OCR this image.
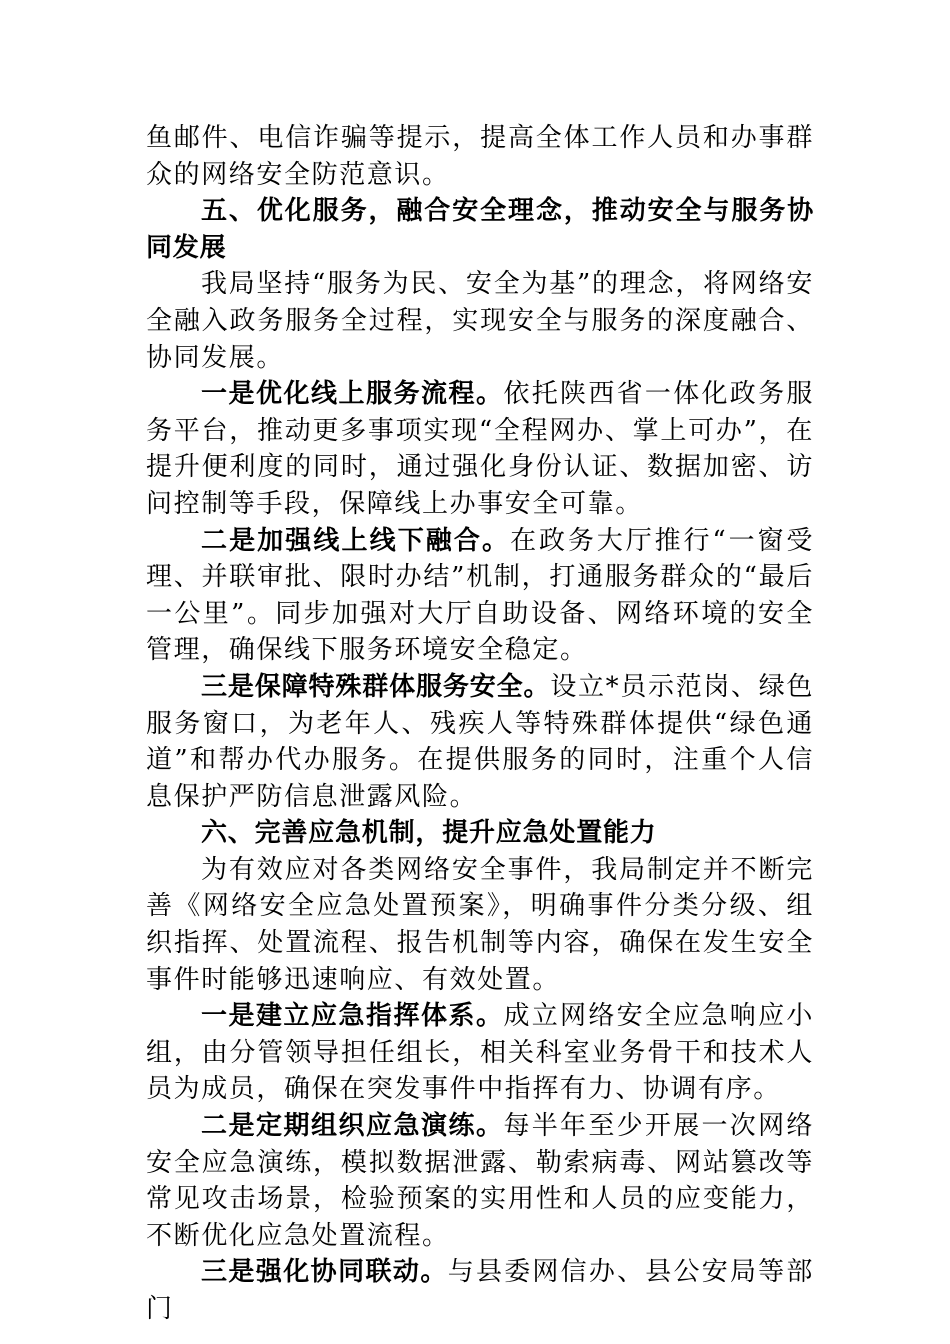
鱼邮件、电信诈骗等提示，提高全体工作人员和办事群众的网络安全防范意识。

五、优化服务，融合安全理念，推动安全与服务协同发展

我局坚持“服务为民、安全为基”的理念，将网络安全融入政务服务全过程，实现安全与服务的深度融合、协同发展。

一是优化线上服务流程。依托陕西省一体化政务服务平台，推动更多事项实现“全程网办、掌上可办”，在提升便利度的同时，通过强化身份认证、数据加密、访问控制等手段，保障线上办事安全可靠。

二是加强线上线下融合。在政务大厅推行“一窗受理、并联审批、限时办结”机制，打通服务群众的“最后一公里”。同步加强对大厅自助设备、网络环境的安全管理，确保线下服务环境安全稳定。

三是保障特殊群体服务安全。设立*员示范岗、绿色服务窗口，为老年人、残疾人等特殊群体提供“绿色通道”和帮办代办服务。在提供服务的同时，注重个人信息保护严防信息泄露风险。

六、完善应急机制，提升应急处置能力

为有效应对各类网络安全事件，我局制定并不断完善《网络安全应急处置预案》，明确事件分类分级、组织指挥、处置流程、报告机制等内容，确保在发生安全事件时能够迅速响应、有效处置。

一是建立应急指挥体系。成立网络安全应急响应小组，由分管领导担任组长，相关科室业务骨干和技术人员为成员，确保在突发事件中指挥有力、协调有序。

二是定期组织应急演练。每半年至少开展一次网络安全应急演练，模拟数据泄露、勒索病毒、网站篡改等常见攻击场景，检验预案的实用性和人员的应变能力，不断优化应急处置流程。

三是强化协同联动。与县委网信办、县公安局等部门
